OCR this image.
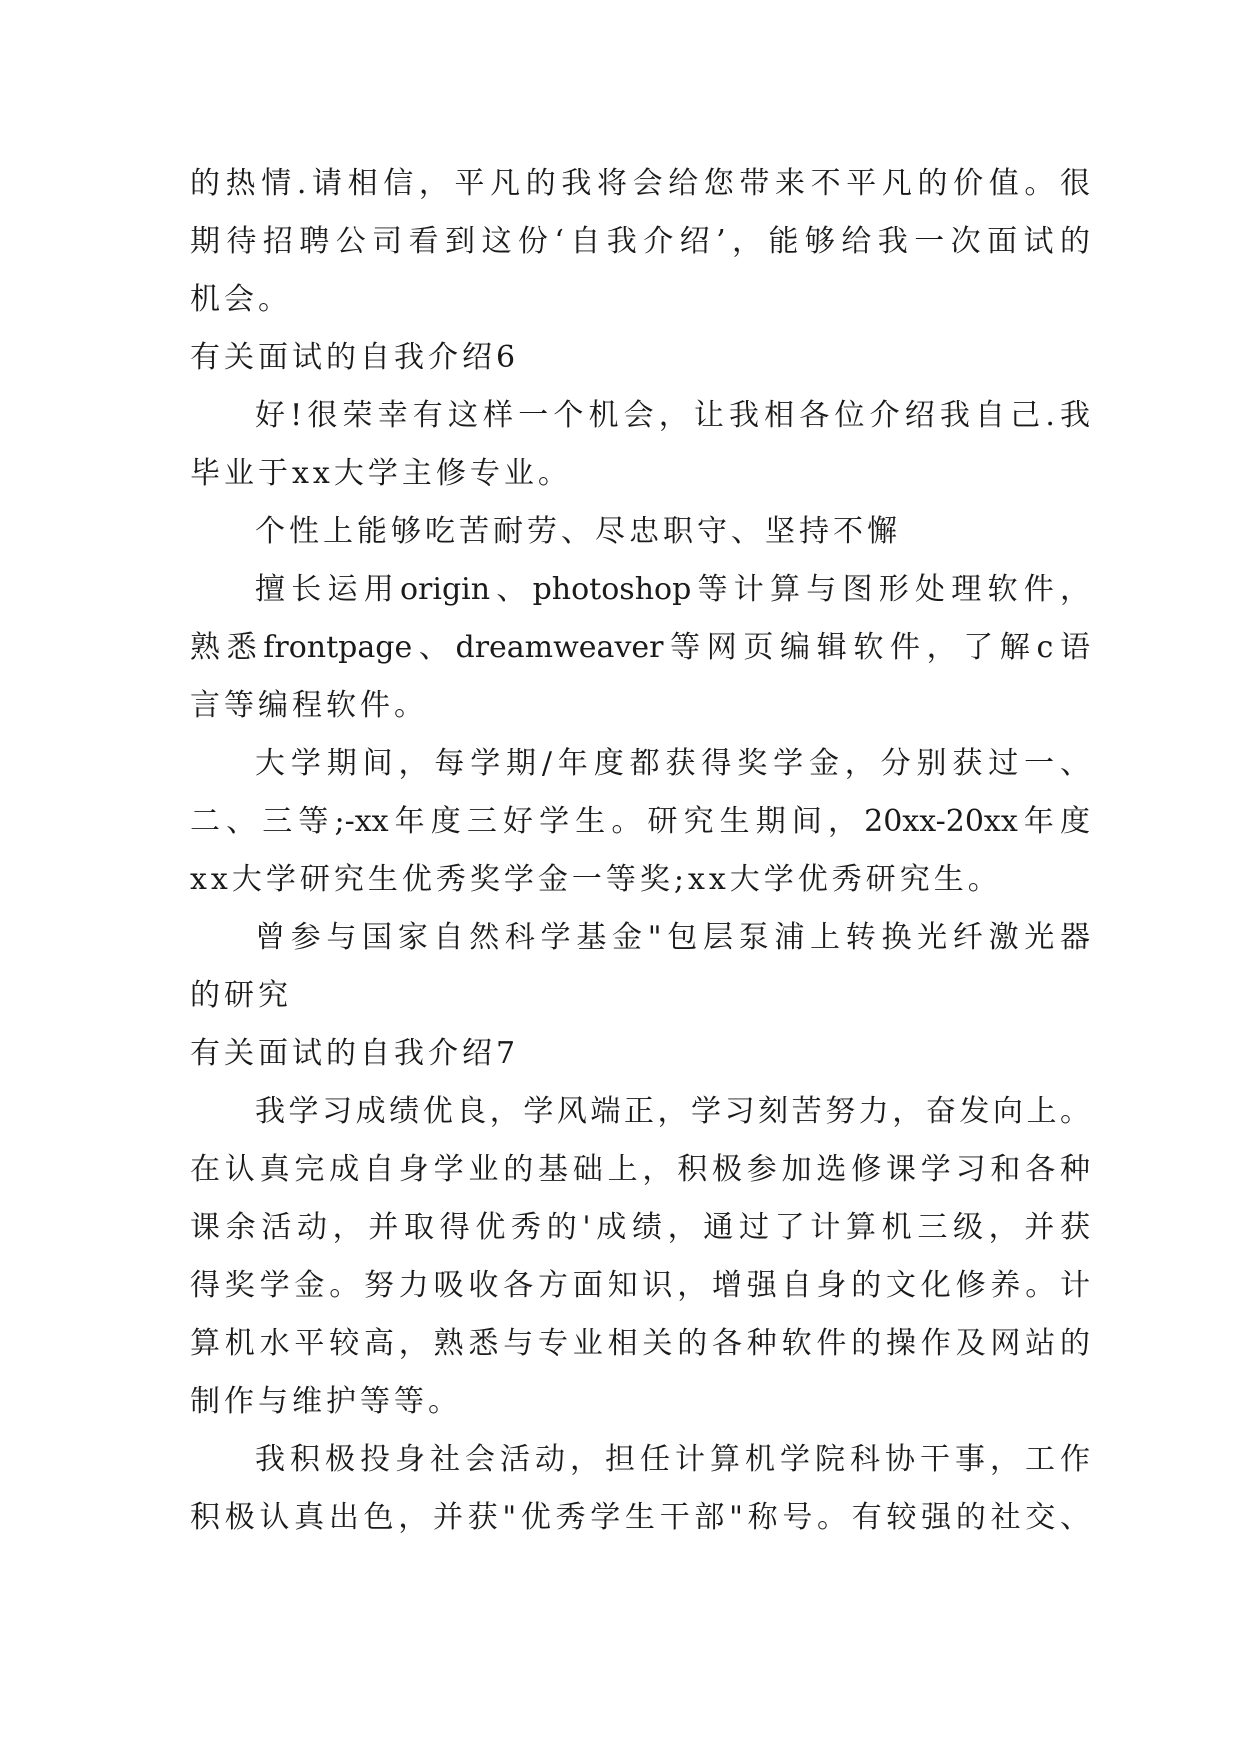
的热情.请相信，平凡的我将会给您带来不平凡的价值。很
期待招聘公司看到这份‘自我介绍’，能够给我一次面试的
机会。
有关面试的自我介绍6
好!很荣幸有这样一个机会，让我相各位介绍我自己.我
毕业于xx大学主修专业。
个性上能够吃苦耐劳、尽忠职守、坚持不懈
擅长运用origin、photoshop等计算与图形处理软件，
熟悉frontpage、dreamweaver等网页编辑软件，了解c语
言等编程软件。
大学期间，每学期/年度都获得奖学金，分别获过一、
二、三等;-xx年度三好学生。研究生期间，20xx-20xx年度
xx大学研究生优秀奖学金一等奖;xx大学优秀研究生。
曾参与国家自然科学基金"包层泵浦上转换光纤激光器
的研究
有关面试的自我介绍7
我学习成绩优良，学风端正，学习刻苦努力，奋发向上。
在认真完成自身学业的基础上，积极参加选修课学习和各种
课余活动，并取得优秀的'成绩，通过了计算机三级，并获
得奖学金。努力吸收各方面知识，增强自身的文化修养。计
算机水平较高，熟悉与专业相关的各种软件的操作及网站的
制作与维护等等。
我积极投身社会活动，担任计算机学院科协干事，工作
积极认真出色，并获"优秀学生干部"称号。有较强的社交、
